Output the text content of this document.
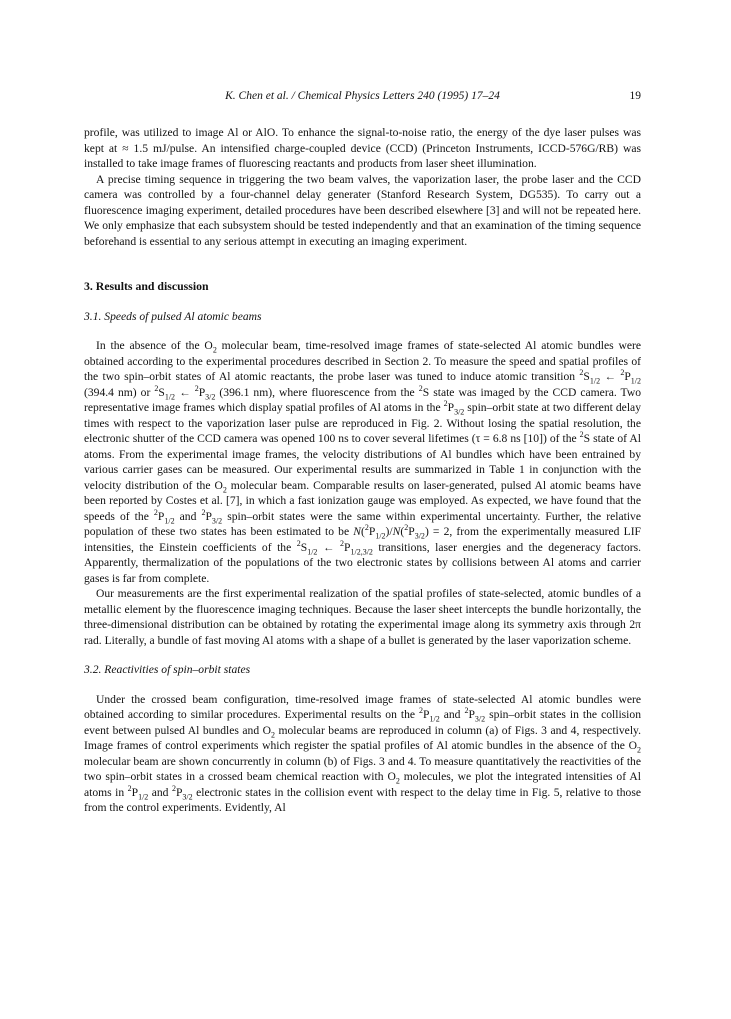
K. Chen et al. / Chemical Physics Letters 240 (1995) 17–24	19

profile, was utilized to image Al or AlO. To enhance the signal-to-noise ratio, the energy of the dye laser pulses was kept at ≈ 1.5 mJ/pulse. An intensified charge-coupled device (CCD) (Princeton Instruments, ICCD-576G/RB) was installed to take image frames of fluorescing reactants and products from laser sheet illumination.

A precise timing sequence in triggering the two beam valves, the vaporization laser, the probe laser and the CCD camera was controlled by a four-channel delay generater (Stanford Research System, DG535). To carry out a fluorescence imaging experiment, detailed procedures have been described elsewhere [3] and will not be repeated here. We only emphasize that each subsystem should be tested independently and that an examination of the timing sequence beforehand is essential to any serious attempt in executing an imaging experiment.

3. Results and discussion
3.1. Speeds of pulsed Al atomic beams

In the absence of the $O_2$ molecular beam, time-resolved image frames of state-selected Al atomic bundles were obtained according to the experimental procedures described in Section 2. To measure the speed and spatial profiles of the two spin–orbit states of Al atomic reactants, the probe laser was tuned to induce atomic transition $^2S_{1/2}$ ← $^2P_{1/2}$ (394.4 nm) or $^2S_{1/2}$ ← $^2P_{3/2}$ (396.1 nm), where fluorescence from the $^2$S state was imaged by the CCD camera. Two representative image frames which display spatial profiles of Al atoms in the $^2P_{3/2}$ spin–orbit state at two different delay times with respect to the vaporization laser pulse are reproduced in Fig. 2. Without losing the spatial resolution, the electronic shutter of the CCD camera was opened 100 ns to cover several lifetimes (τ = 6.8 ns [10]) of the $^2$S state of Al atoms. From the experimental image frames, the velocity distributions of Al bundles which have been entrained by various carrier gases can be measured. Our experimental results are summarized in Table 1 in conjunction with the velocity distribution of the $O_2$ molecular beam. Comparable results on laser-generated, pulsed Al atomic beams have been reported by Costes et al. [7], in which a fast ionization gauge was employed. As expected, we have found that the speeds of the $^2P_{1/2}$ and $^2P_{3/2}$ spin–orbit states were the same within experimental uncertainty. Further, the relative population of these two states has been estimated to be $N(^2P_{1/2})/N(^2P_{3/2}) = 2$, from the experimentally measured LIF intensities, the Einstein coefficients of the $^2S_{1/2}$ ← $^2P_{1/2,3/2}$ transitions, laser energies and the degeneracy factors. Apparently, thermalization of the populations of the two electronic states by collisions between Al atoms and carrier gases is far from complete.

Our measurements are the first experimental realization of the spatial profiles of state-selected, atomic bundles of a metallic element by the fluorescence imaging techniques. Because the laser sheet intercepts the bundle horizontally, the three-dimensional distribution can be obtained by rotating the experimental image along its symmetry axis through 2π rad. Literally, a bundle of fast moving Al atoms with a shape of a bullet is generated by the laser vaporization scheme.

3.2. Reactivities of spin–orbit states

Under the crossed beam configuration, time-resolved image frames of state-selected Al atomic bundles were obtained according to similar procedures. Experimental results on the $^2P_{1/2}$ and $^2P_{3/2}$ spin–orbit states in the collision event between pulsed Al bundles and $O_2$ molecular beams are reproduced in column (a) of Figs. 3 and 4, respectively. Image frames of control experiments which register the spatial profiles of Al atomic bundles in the absence of the $O_2$ molecular beam are shown concurrently in column (b) of Figs. 3 and 4. To measure quantitatively the reactivities of the two spin–orbit states in a crossed beam chemical reaction with $O_2$ molecules, we plot the integrated intensities of Al atoms in $^2P_{1/2}$ and $^2P_{3/2}$ electronic states in the collision event with respect to the delay time in Fig. 5, relative to those from the control experiments. Evidently, Al
